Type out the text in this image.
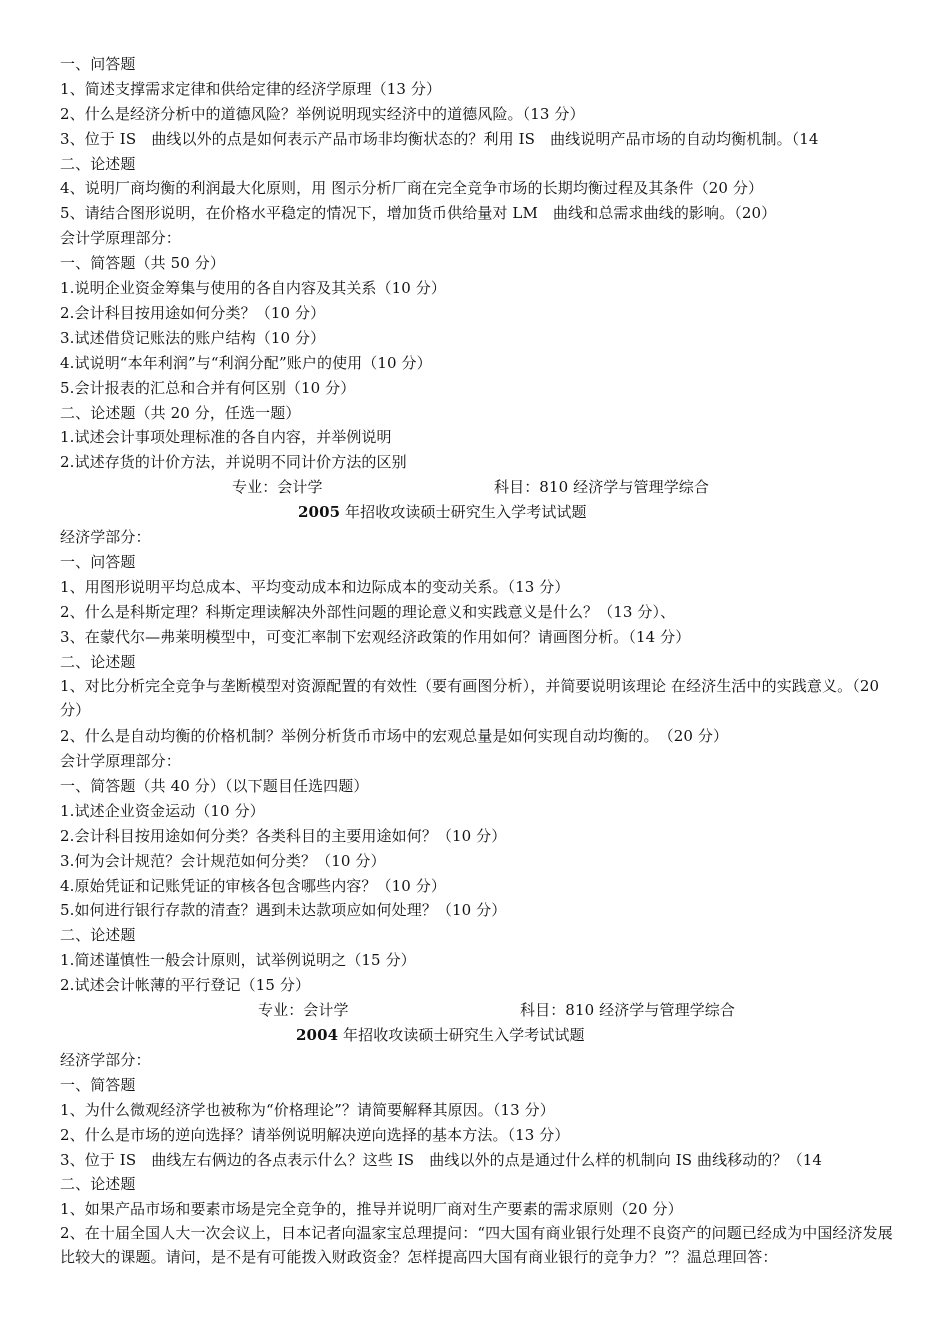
一、问答题
1、简述支撑需求定律和供给定律的经济学原理（13 分）
2、什么是经济分析中的道德风险？举例说明现实经济中的道德风险。（13 分）
3、位于 IS　曲线以外的点是如何表示产品市场非均衡状态的？利用 IS　曲线说明产品市场的自动均衡机制。（14
二、论述题
4、说明厂商均衡的利润最大化原则，用 图示分析厂商在完全竞争市场的长期均衡过程及其条件（20 分）
5、请结合图形说明，在价格水平稳定的情况下，增加货币供给量对 LM　曲线和总需求曲线的影响。（20）
会计学原理部分：
一、简答题（共 50 分）
1.说明企业资金筹集与使用的各自内容及其关系（10 分）
2.会计科目按用途如何分类？（10 分）
3.试述借贷记账法的账户结构（10 分）
4.试说明“本年利润”与“利润分配”账户的使用（10 分）
5.会计报表的汇总和合并有何区别（10 分）
二、论述题（共 20 分，任选一题）
1.试述会计事项处理标准的各自内容，并举例说明
2.试述存货的计价方法，并说明不同计价方法的区别
专业：会计学	科目：810 经济学与管理学综合
2005 年招收攻读硕士研究生入学考试试题
经济学部分：
一、问答题
1、用图形说明平均总成本、平均变动成本和边际成本的变动关系。（13 分）
2、什么是科斯定理？科斯定理读解决外部性问题的理论意义和实践意义是什么？（13 分）、
3、在蒙代尔—弗莱明模型中，可变汇率制下宏观经济政策的作用如何？请画图分析。（14 分）
二、论述题
1、对比分析完全竞争与垄断模型对资源配置的有效性（要有画图分析），并简要说明该理论 在经济生活中的实践意义。（20 分）
2、什么是自动均衡的价格机制？举例分析货币市场中的宏观总量是如何实现自动均衡的。　（20 分）
会计学原理部分：
一、简答题（共 40 分）（以下题目任选四题）
1.试述企业资金运动（10 分）
2.会计科目按用途如何分类？各类科目的主要用途如何？（10 分）
3.何为会计规范？会计规范如何分类？（10 分）
4.原始凭证和记账凭证的审核各包含哪些内容？（10 分）
5.如何进行银行存款的清查？遇到未达款项应如何处理？（10 分）
二、论述题
1.简述谨慎性一般会计原则，试举例说明之（15 分）
2.试述会计帐薄的平行登记（15 分）
专业：会计学	科目：810 经济学与管理学综合
2004 年招收攻读硕士研究生入学考试试题
经济学部分：
一、简答题
1、为什么微观经济学也被称为“价格理论”？请简要解释其原因。（13 分）
2、什么是市场的逆向选择？请举例说明解决逆向选择的基本方法。（13 分）
3、位于 IS　曲线左右俩边的各点表示什么？这些 IS　曲线以外的点是通过什么样的机制向 IS 曲线移动的？（14
二、论述题
1、如果产品市场和要素市场是完全竞争的，推导并说明厂商对生产要素的需求原则（20 分）
2、在十届全国人大一次会议上，日本记者向温家宝总理提问：“四大国有商业银行处理不良资产的问题已经成为中国经济发展比较大的课题。请问，是不是有可能拨入财政资金？怎样提高四大国有商业银行的竞争力？”？温总理回答：
